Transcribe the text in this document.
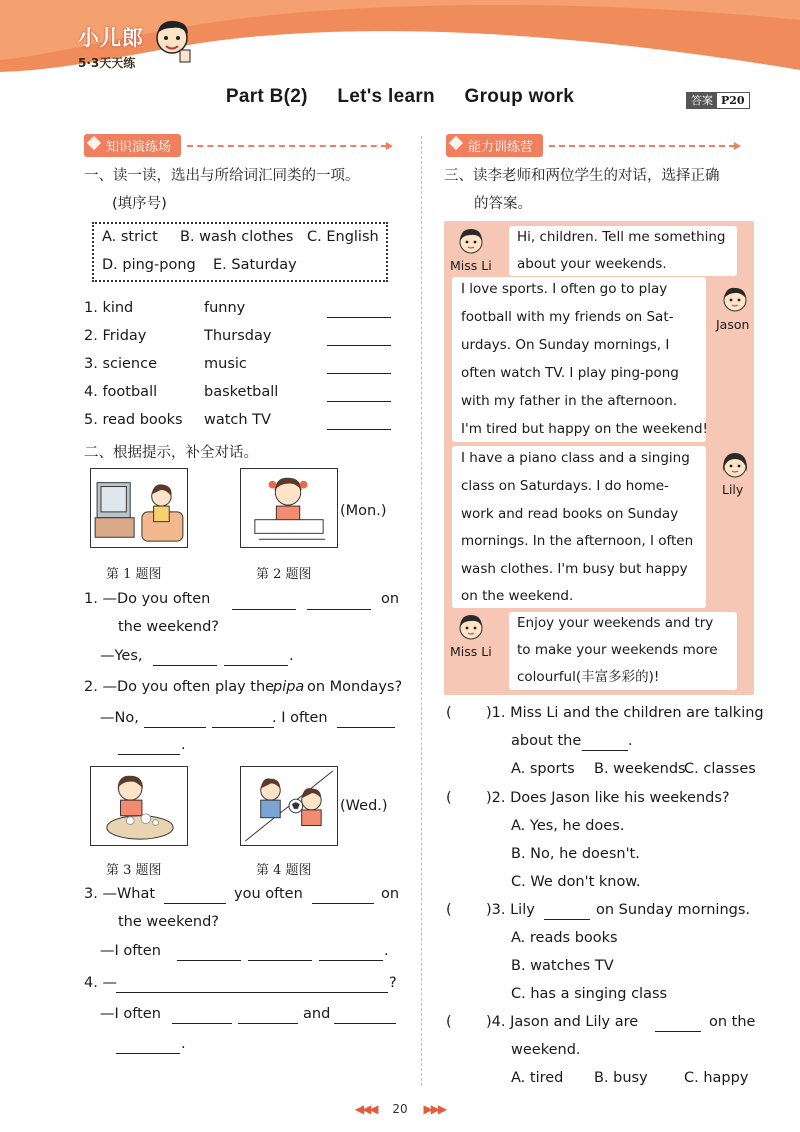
小儿郎
5·3天天练
Part B(2) Let's learn Group work	答案 P20
知识演练场
一、读一读，选出与所给词汇同类的一项。
(填序号)
A. strict B. wash clothes C. English
D. ping-pong E. Saturday
1. kind	funny
2. Friday	Thursday
3. science	music
4. football	basketball
5. read books watch TV
二、根据提示，补全对话。
(Mon.)
第 1 题图	第 2 题图
1. —Do you often	on
the weekend?
—Yes,	.
2. —Do you often play the
pipa on Mondays?
—No,	. I often
.
(Wed.)
第 3 题图	第 4 题图
3. —What	you often	on
the weekend?
—I often	.
4. —	?
—I often	and
.
能力训练营
三、读李老师和两位学生的对话，选择正确
的答案。
Miss Li
Hi, children. Tell me something
about your weekends.
Jason
I love sports. I often go to play
football with my friends on Sat-
urdays. On Sunday mornings, I
often watch TV. I play ping-pong
with my father in the afternoon.
I'm tired but happy on the weekend!
Lily
I have a piano class and a singing
class on Saturdays. I do home-
work and read books on Sunday
mornings. In the afternoon, I often
wash clothes. I'm busy but happy
on the weekend.
Miss Li
Enjoy your weekends and try
to make your weekends more
colourful(丰富多彩的)!
( )1. Miss Li and the children are talking
about the	.
A. sports B. weekends
C. classes
( )2. Does Jason like his weekends?
A. Yes, he does.
B. No, he doesn't.
C. We don't know.
( )3. Lily	on Sunday mornings.
A. reads books
B. watches TV
C. has a singing class
( )4. Jason and Lily are	on the
weekend.
A. tired B. busy	C. happy
◀◀◀ 20 ▶▶▶
